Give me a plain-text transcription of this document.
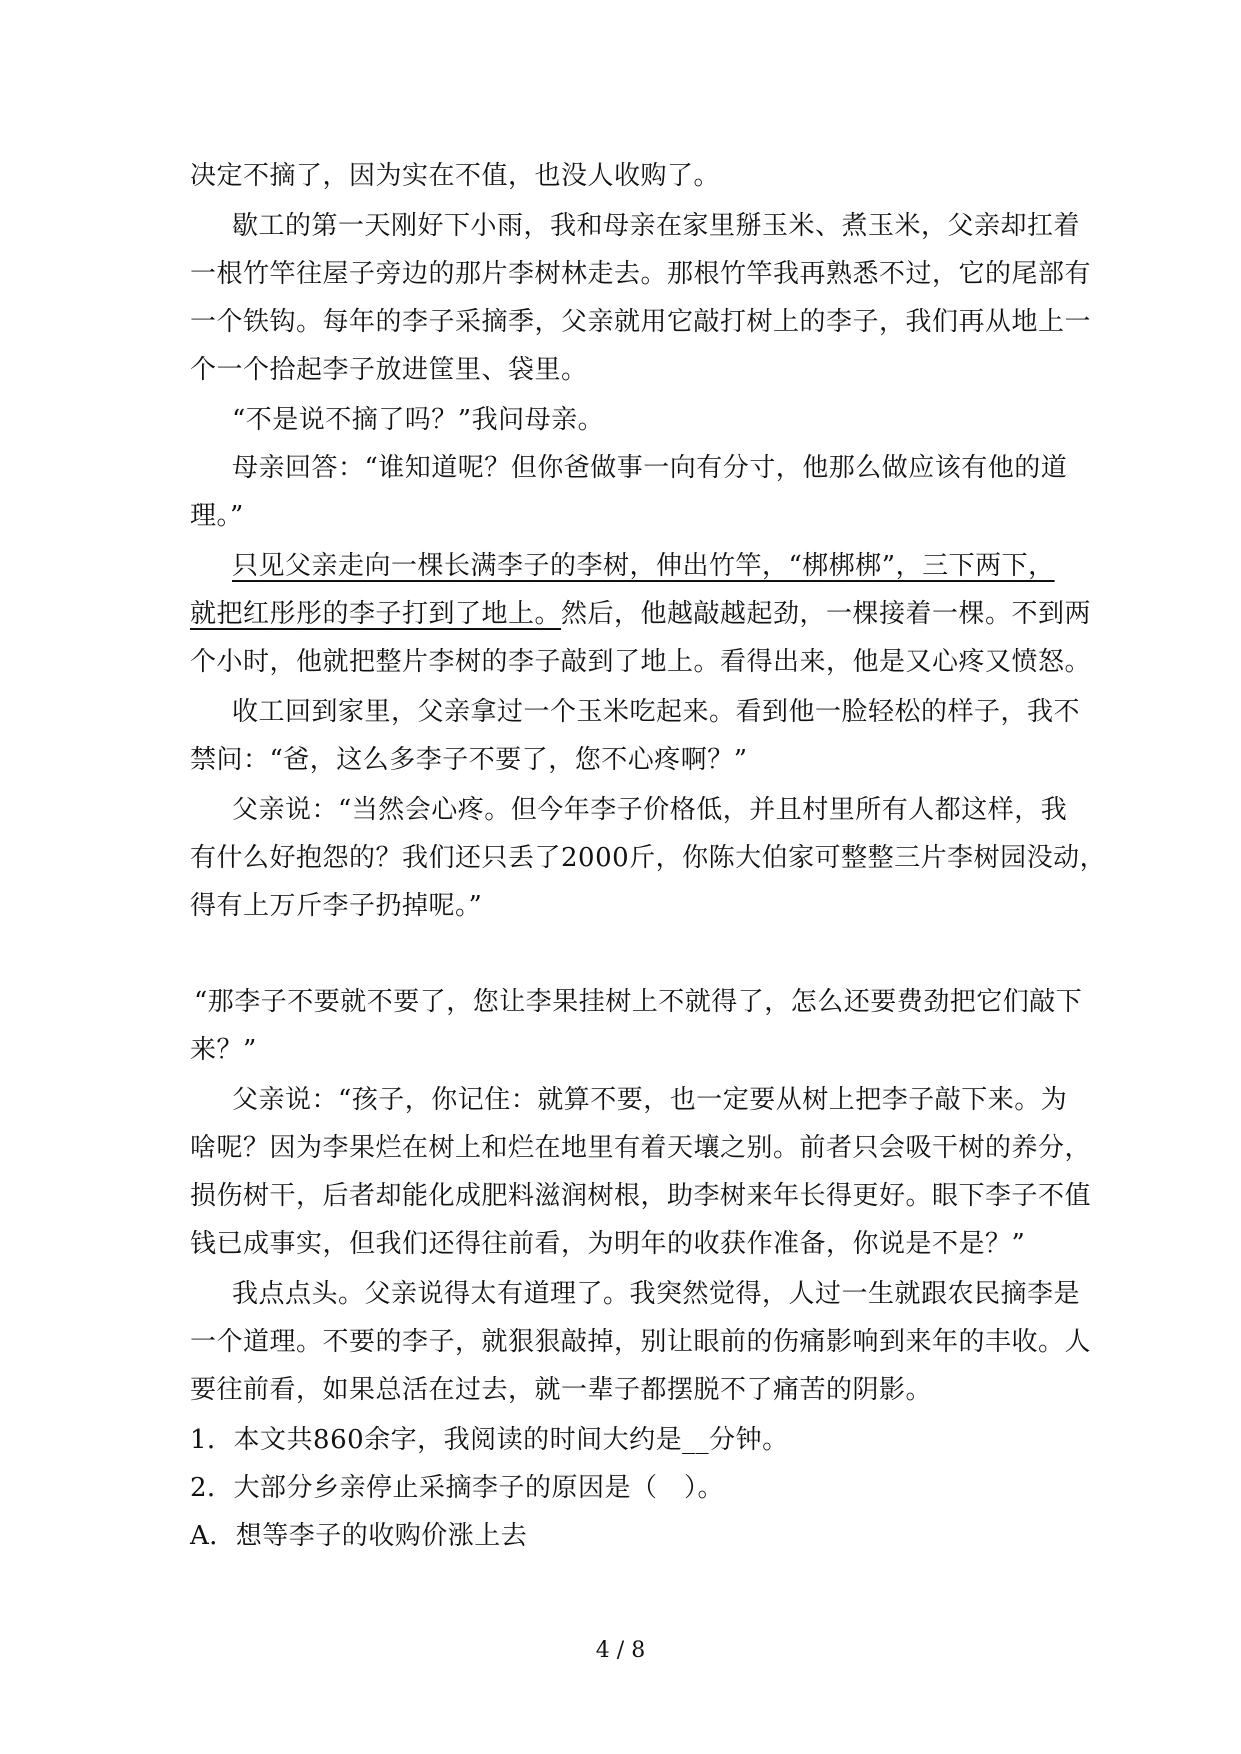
决定不摘了，因为实在不值，也没人收购了。
歇工的第一天刚好下小雨，我和母亲在家里掰玉米、煮玉米，父亲却扛着
一根竹竿往屋子旁边的那片李树林走去。那根竹竿我再熟悉不过，它的尾部有
一个铁钩。每年的李子采摘季，父亲就用它敲打树上的李子，我们再从地上一
个一个拾起李子放进筐里、袋里。
“不是说不摘了吗？”我问母亲。
母亲回答：“谁知道呢？但你爸做事一向有分寸，他那么做应该有他的道
理。”
只见父亲走向一棵长满李子的李树，伸出竹竿，“梆梆梆”，三下两下，
就把红彤彤的李子打到了地上。然后，他越敲越起劲，一棵接着一棵。不到两
个小时，他就把整片李树的李子敲到了地上。看得出来，他是又心疼又愤怒。
收工回到家里，父亲拿过一个玉米吃起来。看到他一脸轻松的样子，我不
禁问：“爸，这么多李子不要了，您不心疼啊？”
父亲说：“当然会心疼。但今年李子价格低，并且村里所有人都这样，我
有什么好抱怨的？我们还只丢了2000斤，你陈大伯家可整整三片李树园没动，
得有上万斤李子扔掉呢。”
“那李子不要就不要了，您让李果挂树上不就得了，怎么还要费劲把它们敲下
来？”
父亲说：“孩子，你记住：就算不要，也一定要从树上把李子敲下来。为
啥呢？因为李果烂在树上和烂在地里有着天壤之别。前者只会吸干树的养分，
损伤树干，后者却能化成肥料滋润树根，助李树来年长得更好。眼下李子不值
钱已成事实，但我们还得往前看，为明年的收获作准备，你说是不是？”
我点点头。父亲说得太有道理了。我突然觉得，人过一生就跟农民摘李是
一个道理。不要的李子，就狠狠敲掉，别让眼前的伤痛影响到来年的丰收。人
要往前看，如果总活在过去，就一辈子都摆脱不了痛苦的阴影。
1．本文共860余字，我阅读的时间大约是__分钟。
2．大部分乡亲停止采摘李子的原因是（　）。
A．想等李子的收购价涨上去
4 / 8
